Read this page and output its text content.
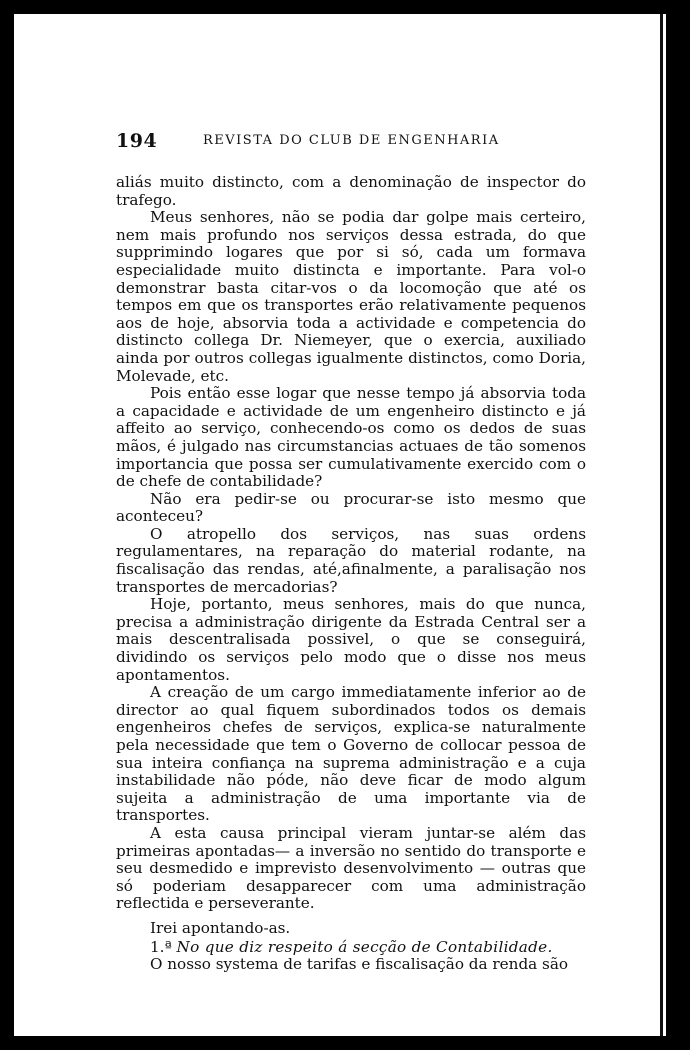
194	REVISTA DO CLUB DE ENGENHARIA

aliás muito distincto, com a denominação de inspector do trafego.

Meus senhores, não se podia dar golpe mais certeiro, nem mais profundo nos serviços dessa estrada, do que supprimindo logares que por si só, cada um formava especialidade muito distincta e importante. Para vol-o demonstrar basta citar-vos o da locomoção que até os tempos em que os transportes erão relativamente pequenos aos de hoje, absorvia toda a actividade e competencia do distincto collega Dr. Niemeyer, que o exercia, auxiliado ainda por outros collegas igualmente distinctos, como Doria, Molevade, etc.

Pois então esse logar que nesse tempo já absorvia toda a capacidade e actividade de um engenheiro distincto e já affeito ao serviço, conhecendo-os como os dedos de suas mãos, é julgado nas circumstancias actuaes de tão somenos importancia que possa ser cumulativamente exercido com o de chefe de contabilidade?

Não era pedir-se ou procurar-se isto mesmo que aconteceu?

O atropello dos serviços, nas suas ordens regulamentares, na reparação do material rodante, na fiscalisação das rendas, até,afinalmente, a paralisação nos transportes de mercadorias?

Hoje, portanto, meus senhores, mais do que nunca, precisa a administração dirigente da Estrada Central ser a mais descentralisada possivel, o que se conseguirá, dividindo os serviços pelo modo que o disse nos meus apontamentos.

A creação de um cargo immediatamente inferior ao de director ao qual fiquem subordinados todos os demais engenheiros chefes de serviços, explica-se naturalmente pela necessidade que tem o Governo de collocar pessoa de sua inteira confiança na suprema administração e a cuja instabilidade não póde, não deve ficar de modo algum sujeita a administração de uma importante via de transportes.

A esta causa principal vieram juntar-se além das primeiras apontadas— a inversão no sentido do transporte e seu desmedido e imprevisto desenvolvimento — outras que só poderiam desapparecer com uma administração reflectida e perseverante.

Irei apontando-as.

1.ª No que diz respeito á secção de Contabilidade.

O nosso systema de tarifas e fiscalisação da renda são
